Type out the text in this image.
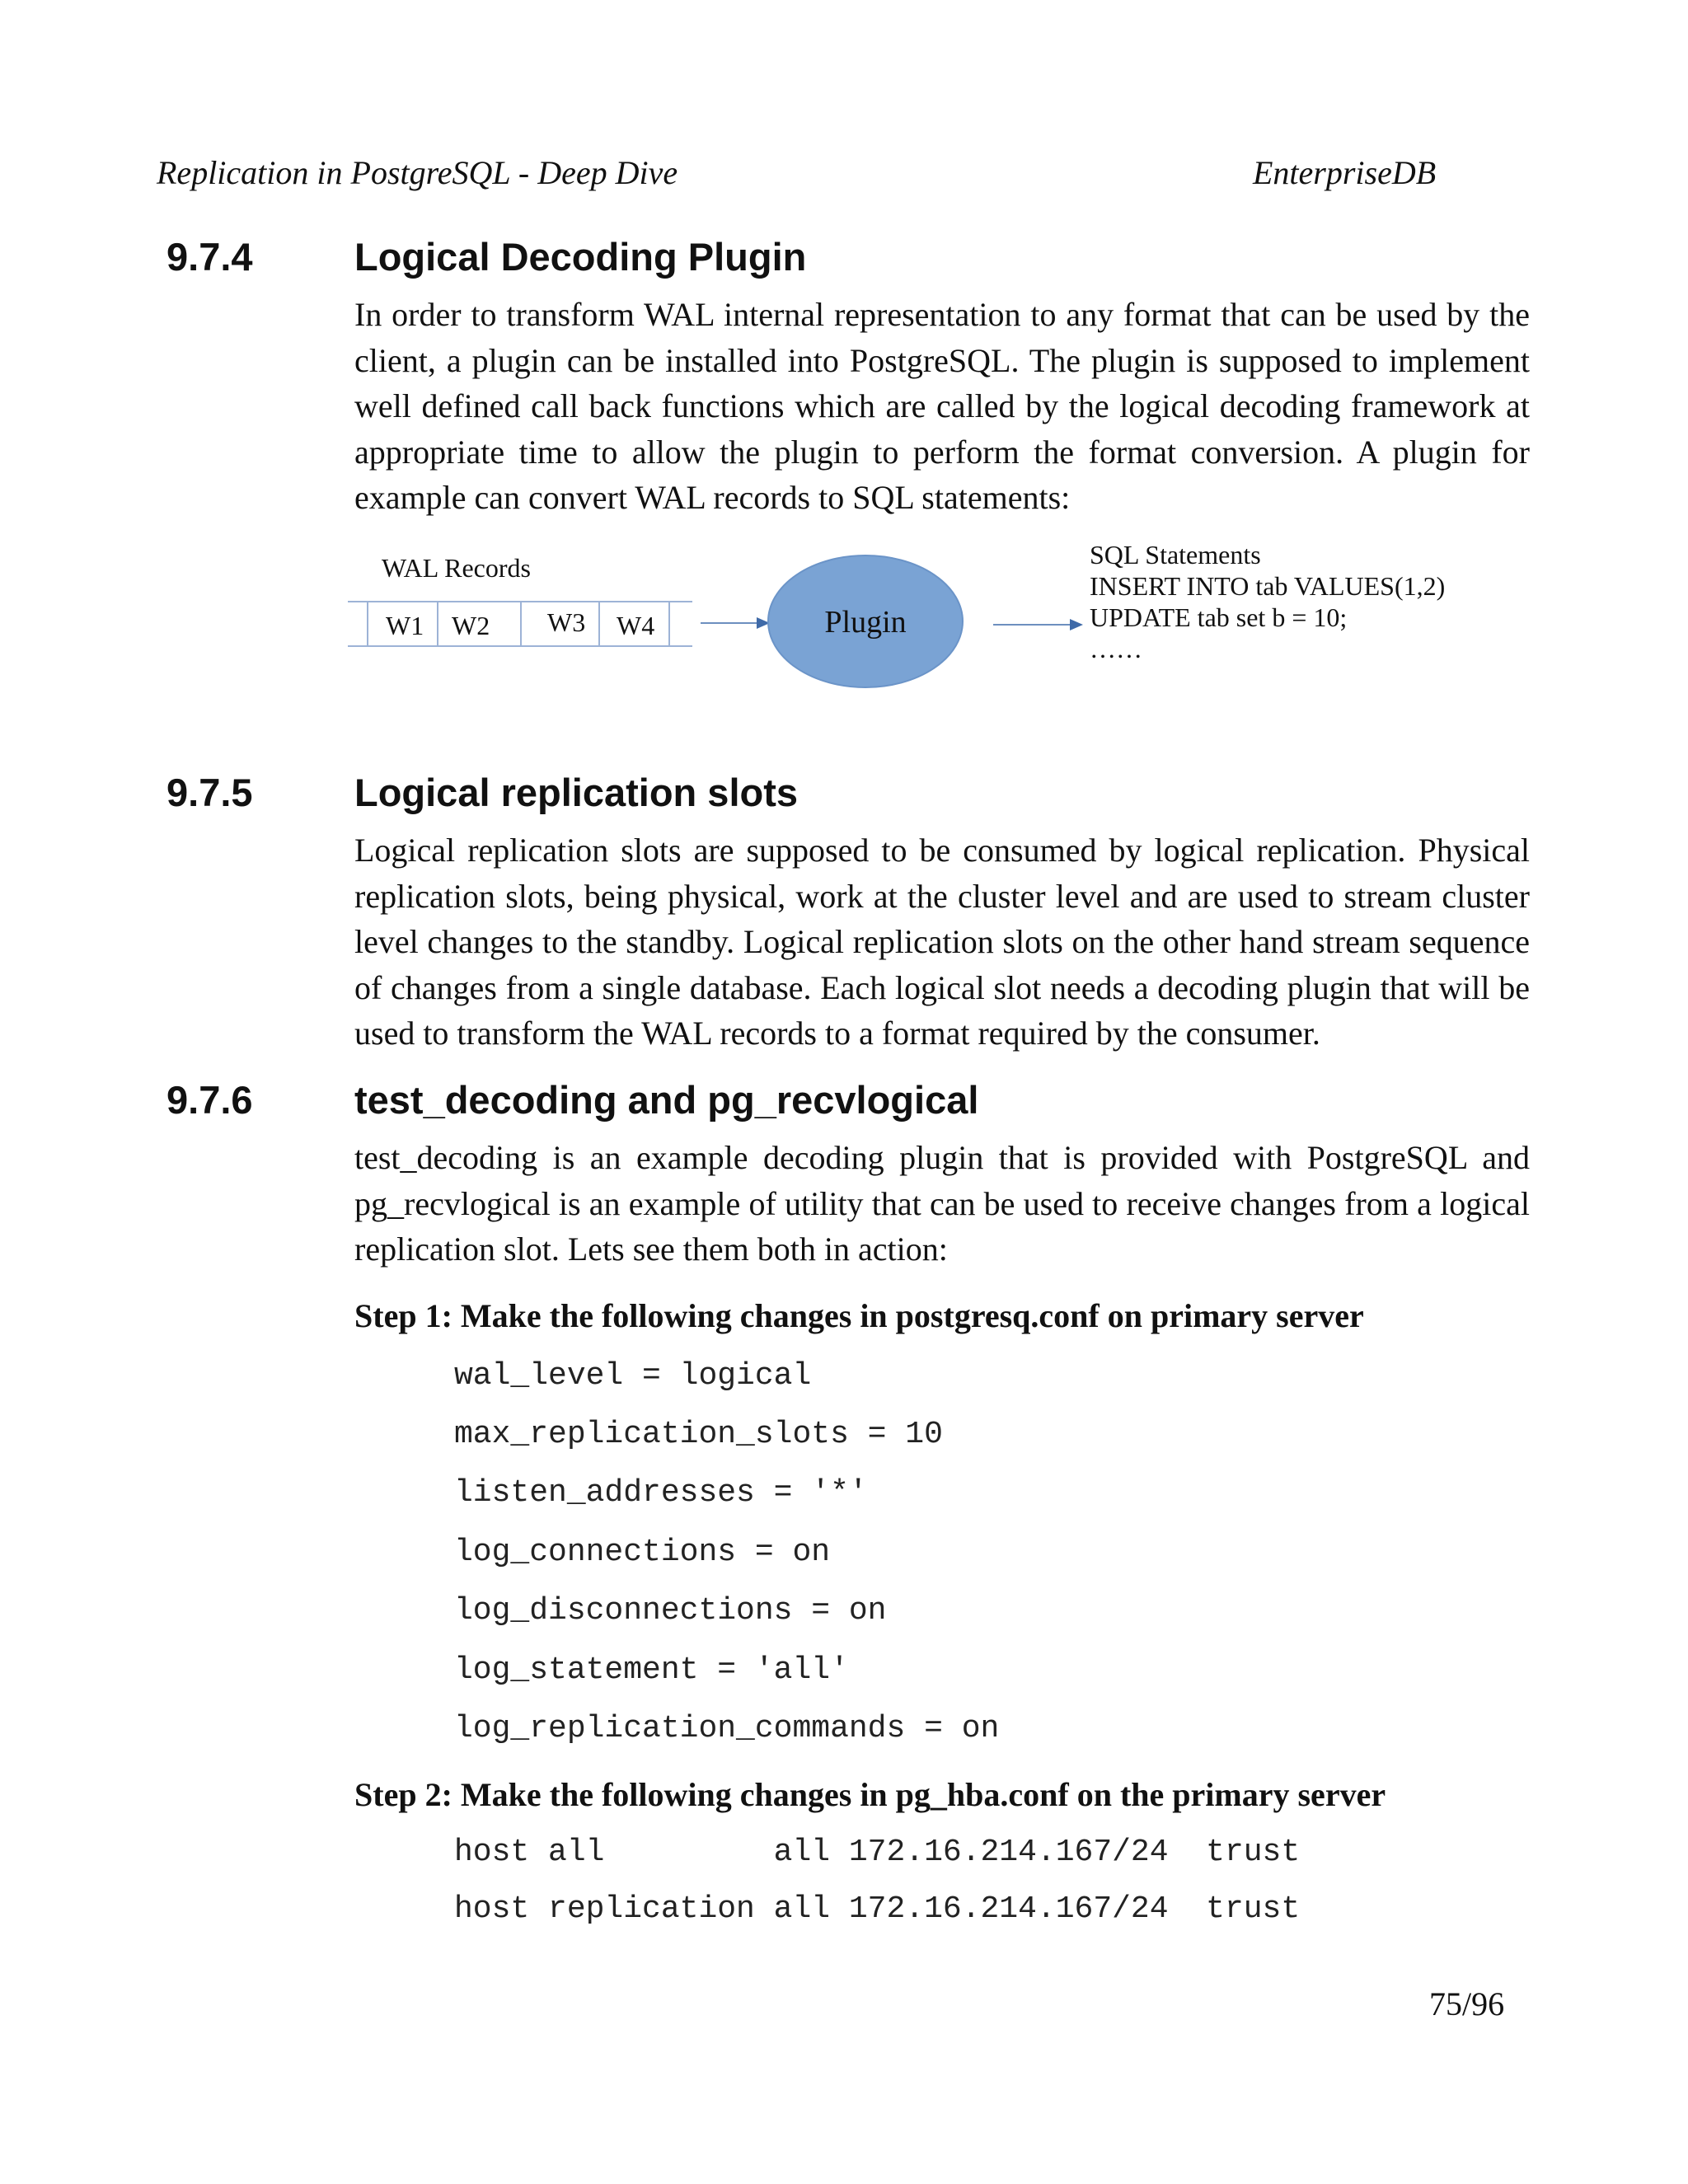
Replication in PostgreSQL - Deep Dive	EnterpriseDB
9.7.4	Logical Decoding Plugin
In order to transform WAL internal representation to any format that can be used by the client, a plugin can be installed into PostgreSQL. The plugin is supposed to implement well defined call back functions which are called by the logical decoding framework at appropriate time to allow the plugin to perform the format conversion. A plugin for example can convert WAL records to SQL statements:
WAL Records
W1 W2 W3 W4	Plugin
SQL Statements
INSERT INTO tab VALUES(1,2)
UPDATE tab set b = 10;
……
9.7.5	Logical replication slots
Logical replication slots are supposed to be consumed by logical replication. Physical replication slots, being physical, work at the cluster level and are used to stream cluster level changes to the standby. Logical replication slots on the other hand stream sequence of changes from a single database. Each logical slot needs a decoding plugin that will be used to transform the WAL records to a format required by the consumer.
9.7.6	test_decoding and pg_recvlogical
test_decoding is an example decoding plugin that is provided with PostgreSQL and pg_recvlogical is an example of utility that can be used to receive changes from a logical replication slot. Lets see them both in action:
Step 1: Make the following changes in postgresq.conf on primary server
wal_level = logical
max_replication_slots = 10
listen_addresses = '*'
log_connections = on
log_disconnections = on
log_statement = 'all'
log_replication_commands = on
Step 2: Make the following changes in pg_hba.conf on the primary server
host all         all 172.16.214.167/24  trust
host replication all 172.16.214.167/24  trust
75/96
